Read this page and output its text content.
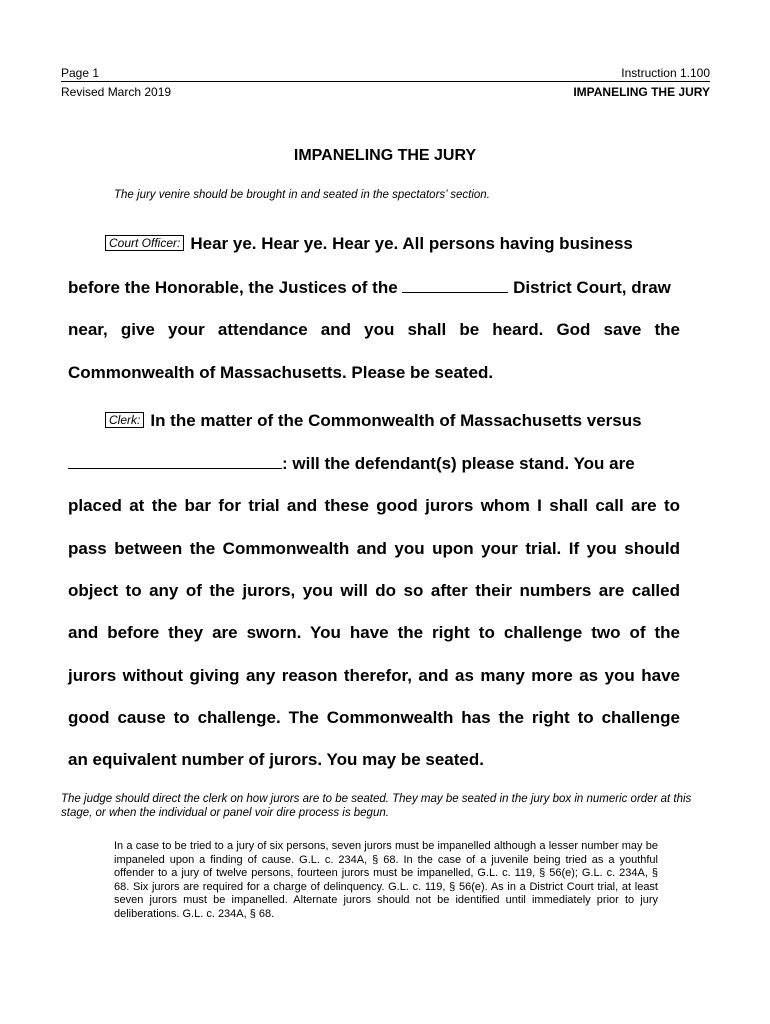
Page 1	Instruction 1.100
Revised March 2019	IMPANELING THE JURY
IMPANELING THE JURY
The jury venire should be brought in and seated in the spectators’ section.
Court Officer: Hear ye. Hear ye. Hear ye. All persons having business
before the Honorable, the Justices of the	District Court, draw
near, give your attendance and you shall be heard. God save the
Commonwealth of Massachusetts. Please be seated.
Clerk: In the matter of the Commonwealth of Massachusetts versus
: will the defendant(s) please stand. You are
placed at the bar for trial and these good jurors whom I shall call are to
pass between the Commonwealth and you upon your trial. If you should
object to any of the jurors, you will do so after their numbers are called
and before they are sworn. You have the right to challenge two of the
jurors without giving any reason therefor, and as many more as you have
good cause to challenge. The Commonwealth has the right to challenge
an equivalent number of jurors. You may be seated.
The judge should direct the clerk on how jurors are to be seated. They may be seated in the jury box in numeric order at this stage, or when the individual or panel voir dire process is begun.
In a case to be tried to a jury of six persons, seven jurors must be impanelled although a lesser number may be impaneled upon a finding of cause. G.L. c. 234A, § 68. In the case of a juvenile being tried as a youthful offender to a jury of twelve persons, fourteen jurors must be impanelled, G.L. c. 119, § 56(e); G.L. c. 234A, § 68. Six jurors are required for a charge of delinquency. G.L. c. 119, § 56(e). As in a District Court trial, at least seven jurors must be impanelled. Alternate jurors should not be identified until immediately prior to jury deliberations. G.L. c. 234A, § 68.
